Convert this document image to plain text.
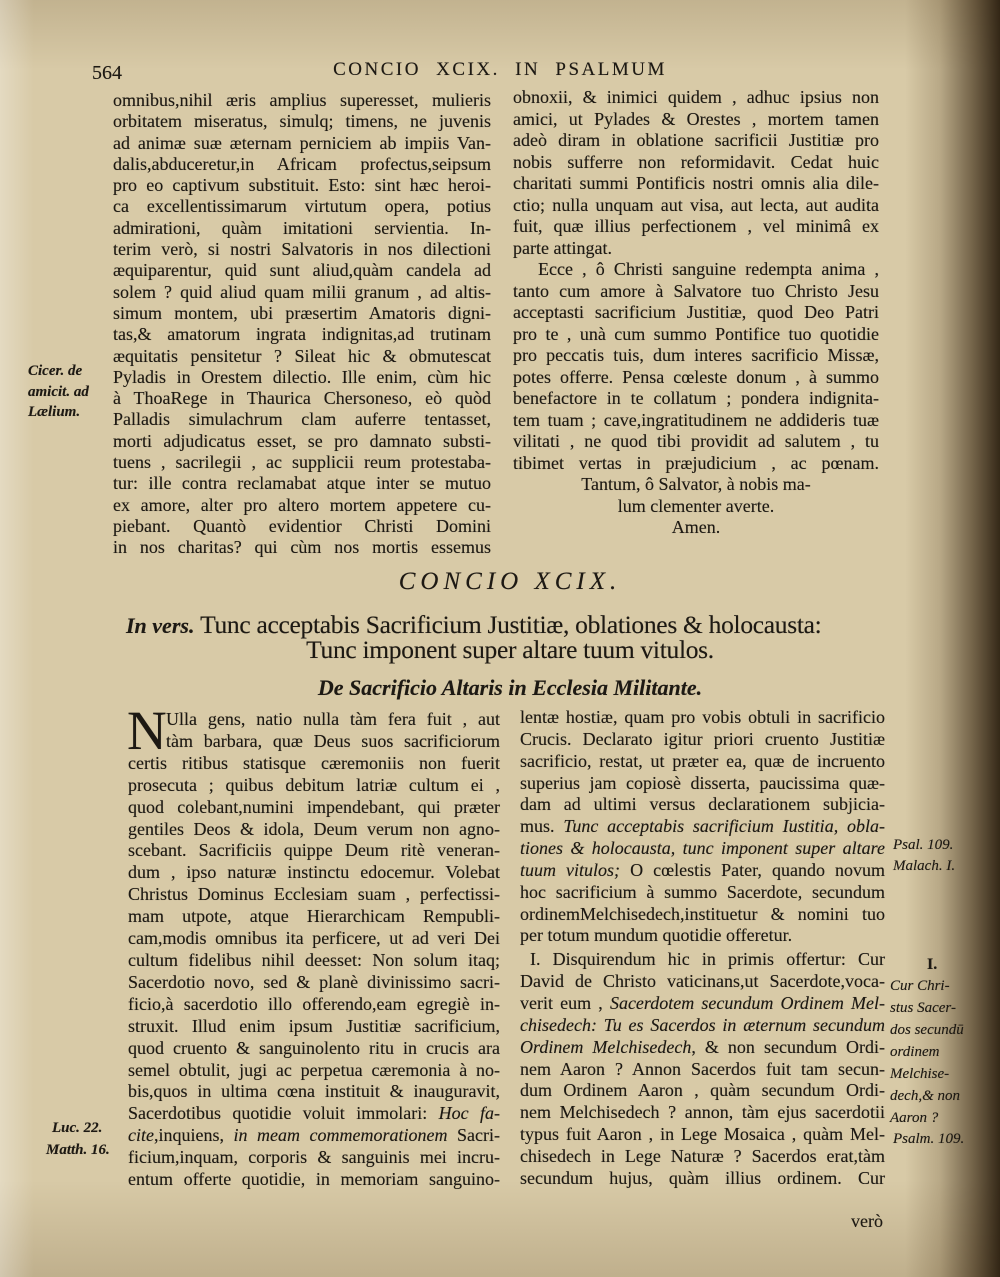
564	CONCIO XCIX. IN PSALMUM
omnibus,nihil æris amplius superesset, mulieris
orbitatem miseratus, simulq; timens, ne juvenis
ad animæ suæ æternam perniciem ab impiis Van-
dalis,abduceretur,in Africam profectus,seipsum
pro eo captivum substituit. Esto: sint hæc heroi-
ca excellentissimarum virtutum opera, potius
admirationi, quàm imitationi servientia. In-
terim verò, si nostri Salvatoris in nos dilectioni
æquiparentur, quid sunt aliud,quàm candela ad
solem ? quid aliud quam milii granum , ad altis-
simum montem, ubi præsertim Amatoris digni-
tas,& amatorum ingrata indignitas,ad trutinam
æquitatis pensitetur ? Sileat hic & obmutescat
Pyladis in Orestem dilectio. Ille enim, cùm hic
à ThoaRege in Thaurica Chersoneso, eò quòd
Palladis simulachrum clam auferre tentasset,
morti adjudicatus esset, se pro damnato substi-
tuens , sacrilegii , ac supplicii reum protestaba-
tur: ille contra reclamabat atque inter se mutuo
ex amore, alter pro altero mortem appetere cu-
piebant. Quantò evidentior Christi Domini
in nos charitas? qui cùm nos mortis essemus
obnoxii, & inimici quidem , adhuc ipsius non
amici, ut Pylades & Orestes , mortem tamen
adeò diram in oblatione sacrificii Justitiæ pro
nobis sufferre non reformidavit. Cedat huic
charitati summi Pontificis nostri omnis alia dile-
ctio; nulla unquam aut visa, aut lecta, aut audita
fuit, quæ illius perfectionem , vel minimâ ex
parte attingat.
Ecce , ô Christi sanguine redempta anima ,
tanto cum amore à Salvatore tuo Christo Jesu
acceptasti sacrificium Justitiæ, quod Deo Patri
pro te , unà cum summo Pontifice tuo quotidie
pro peccatis tuis, dum interes sacrificio Missæ,
potes offerre. Pensa cœleste donum , à summo
benefactore in te collatum ; pondera indignita-
tem tuam ; cave,ingratitudinem ne addideris tuæ
vilitati , ne quod tibi providit ad salutem , tu
tibimet vertas in præjudicium , ac pœnam.
Tantum, ô Salvator, à nobis ma-
lum clementer averte.
Amen.
Cicer. de
amicit. ad
Lælium.
CONCIO XCIX.
In vers. Tunc acceptabis Sacrificium Justitiæ, oblationes & holocausta:
Tunc imponent super altare tuum vitulos.
De Sacrificio Altaris in Ecclesia Militante.
N Ulla gens, natio nulla tàm fera fuit , aut
tàm barbara, quæ Deus suos sacrificiorum
certis ritibus statisque cæremoniis non fuerit
prosecuta ; quibus debitum latriæ cultum ei ,
quod colebant,numini impendebant, qui præter
gentiles Deos & idola, Deum verum non agno-
scebant. Sacrificiis quippe Deum ritè veneran-
dum , ipso naturæ instinctu edocemur. Volebat
Christus Dominus Ecclesiam suam , perfectissi-
mam utpote, atque Hierarchicam Rempubli-
cam,modis omnibus ita perficere, ut ad veri Dei
cultum fidelibus nihil deesset: Non solum itaq;
Sacerdotio novo, sed & planè divinissimo sacri-
ficio,à sacerdotio illo offerendo,eam egregiè in-
struxit. Illud enim ipsum Justitiæ sacrificium,
quod cruento & sanguinolento ritu in crucis ara
semel obtulit, jugi ac perpetua cæremonia à no-
bis,quos in ultima cœna instituit & inauguravit,
Sacerdotibus quotidie voluit immolari: Hoc fa-
cite,inquiens, in meam commemorationem Sacri-
ficium,inquam, corporis & sanguinis mei incru-
entum offerte quotidie, in memoriam sanguino-
lentæ hostiæ, quam pro vobis obtuli in sacrificio
Crucis. Declarato igitur priori cruento Justitiæ
sacrificio, restat, ut præter ea, quæ de incruento
superius jam copiosè disserta, paucissima quæ-
dam ad ultimi versus declarationem subjicia-
mus. Tunc acceptabis sacrificium Iustitia, obla-
tiones & holocausta, tunc imponent super altare
tuum vitulos; O cœlestis Pater, quando novum
hoc sacrificium à summo Sacerdote, secundum
ordinemMelchisedech,instituetur & nomini tuo
per totum mundum quotidie offeretur.
I. Disquirendum hic in primis offertur: Cur
David de Christo vaticinans,ut Sacerdote,voca-
verit eum , Sacerdotem secundum Ordinem Mel-
chisedech: Tu es Sacerdos in æternum secundum
Ordinem Melchisedech, & non secundum Ordi-
nem Aaron ? Annon Sacerdos fuit tam secun-
dum Ordinem Aaron , quàm secundum Ordi-
nem Melchisedech ? annon, tàm ejus sacerdotii
typus fuit Aaron , in Lege Mosaica , quàm Mel-
chisedech in Lege Naturæ ? Sacerdos erat,tàm
secundum hujus, quàm illius ordinem. Cur
Luc. 22.
Matth. 16.
Psal. 109.
Malach. I.
I.
Cur Chri-
stus Sacer-
dos secundū
ordinem
Melchise-
dech,& non
Aaron ?
Psalm. 109.
verò
